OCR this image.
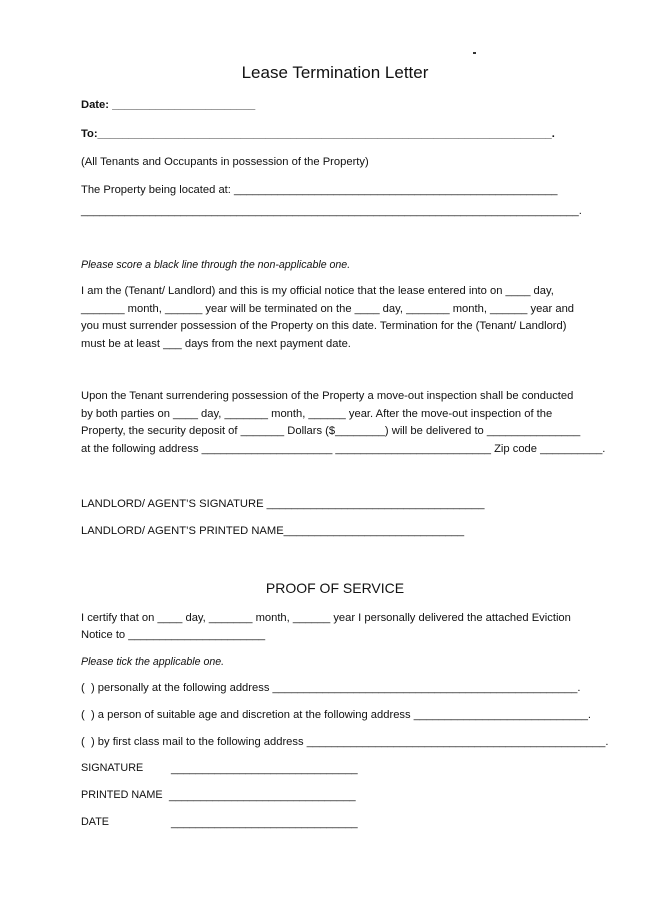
Lease Termination Letter
Date: _______________________
To:_________________________________________________________________________.
(All Tenants and Occupants in possession of the Property)
The Property being located at: ____________________________________________________
________________________________________________________________________________.
Please score a black line through the non-applicable one.
I am the (Tenant/ Landlord) and this is my official notice that the lease entered into on ____ day,
_______ month, ______ year will be terminated on the ____ day, _______ month, ______ year and
you must surrender possession of the Property on this date. Termination for the (Tenant/ Landlord)
must be at least ___ days from the next payment date.
Upon the Tenant surrendering possession of the Property a move-out inspection shall be conducted
by both parties on ____ day, _______ month, ______ year. After the move-out inspection of the
Property, the security deposit of _______ Dollars ($________) will be delivered to _______________
at the following address _____________________ _________________________ Zip code __________.
LANDLORD/ AGENT’S SIGNATURE ___________________________________
LANDLORD/ AGENT’S PRINTED NAME_____________________________
PROOF OF SERVICE
I certify that on ____ day, _______ month, ______ year I personally delivered the attached Eviction
Notice to ______________________
Please tick the applicable one.
(  ) personally at the following address _________________________________________________.
(  ) a person of suitable age and discretion at the following address ____________________________.
(  ) by first class mail to the following address ________________________________________________.
SIGNATURE ______________________________
PRINTED NAME ______________________________
DATE	______________________________
